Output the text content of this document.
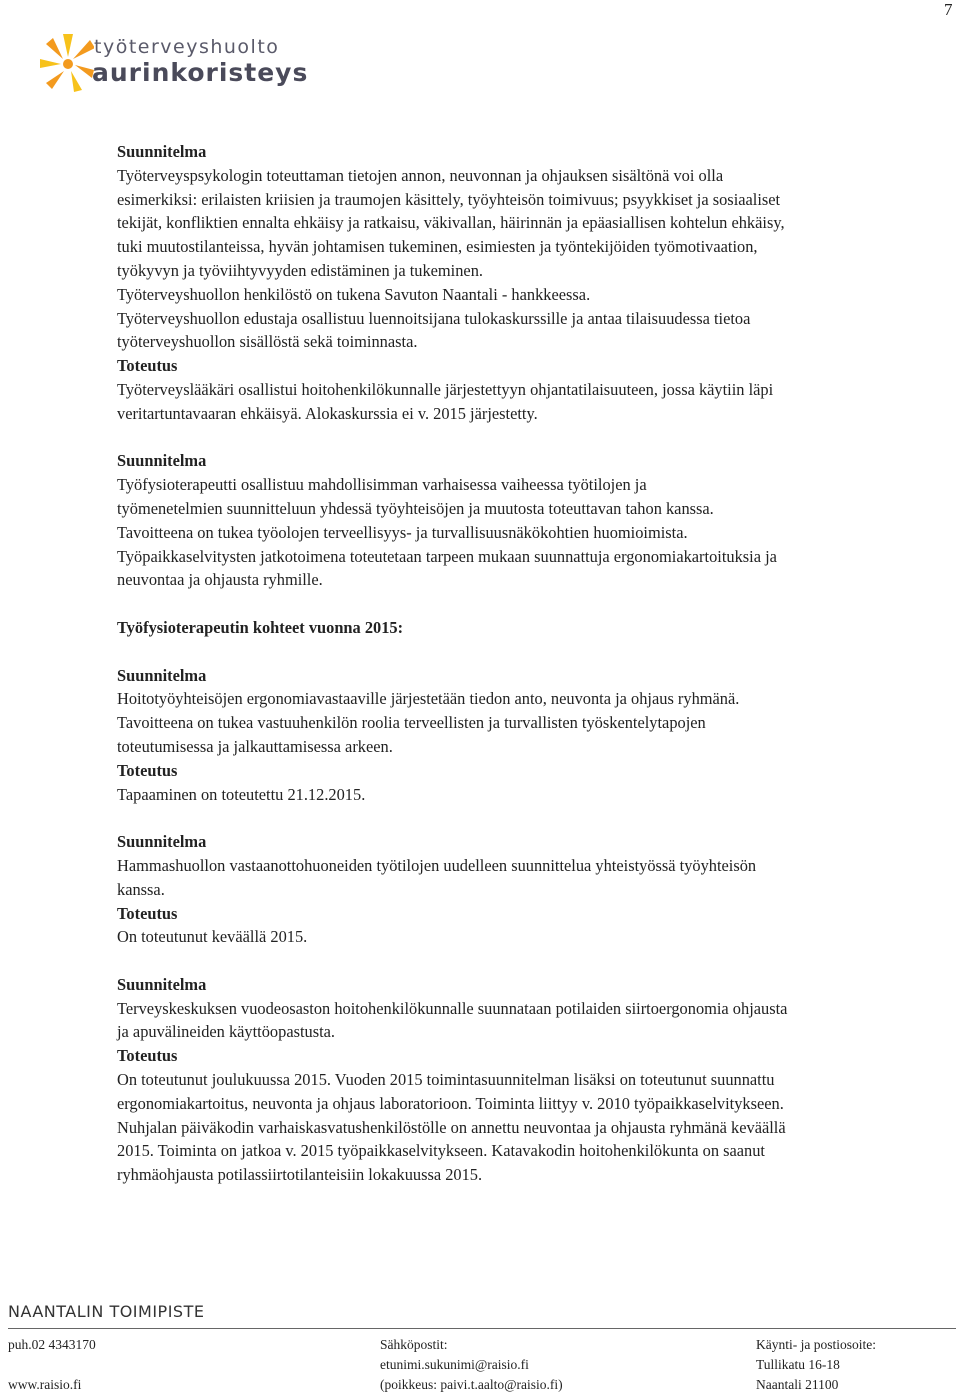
7
työterveyshuolto
aurinkoristeys

Suunnitelma

Työterveyspsykologin toteuttaman tietojen annon, neuvonnan ja ohjauksen sisältönä voi olla

esimerkiksi: erilaisten kriisien ja traumojen käsittely, työyhteisön toimivuus; psyykkiset ja sosiaaliset

tekijät, konfliktien ennalta ehkäisy ja ratkaisu, väkivallan, häirinnän ja epäasiallisen kohtelun ehkäisy,

tuki muutostilanteissa, hyvän johtamisen tukeminen, esimiesten ja työntekijöiden työmotivaation,

työkyvyn ja työviihtyvyyden edistäminen ja tukeminen.

Työterveyshuollon henkilöstö on tukena Savuton Naantali - hankkeessa.

Työterveyshuollon edustaja osallistuu luennoitsijana tulokaskurssille ja antaa tilaisuudessa tietoa

työterveyshuollon sisällöstä sekä toiminnasta.

Toteutus

Työterveyslääkäri osallistui hoitohenkilökunnalle järjestettyyn ohjantatilaisuuteen, jossa käytiin läpi

veritartuntavaaran ehkäisyä. Alokaskurssia ei v. 2015 järjestetty.

Suunnitelma

Työfysioterapeutti osallistuu mahdollisimman varhaisessa vaiheessa työtilojen ja

työmenetelmien suunnitteluun yhdessä työyhteisöjen ja muutosta toteuttavan tahon kanssa.

Tavoitteena on tukea työolojen terveellisyys- ja turvallisuusnäkökohtien huomioimista.

Työpaikkaselvitysten jatkotoimena toteutetaan tarpeen mukaan suunnattuja ergonomiakartoituksia ja

neuvontaa ja ohjausta ryhmille.

Työfysioterapeutin kohteet vuonna 2015:

Suunnitelma

Hoitotyöyhteisöjen ergonomiavastaaville järjestetään tiedon anto, neuvonta ja ohjaus ryhmänä.

Tavoitteena on tukea vastuuhenkilön roolia terveellisten ja turvallisten työskentelytapojen

toteutumisessa ja jalkauttamisessa arkeen.

Toteutus

Tapaaminen on toteutettu 21.12.2015.

Suunnitelma

Hammashuollon vastaanottohuoneiden työtilojen uudelleen suunnittelua yhteistyössä työyhteisön

kanssa.

Toteutus

On toteutunut keväällä 2015.

Suunnitelma

Terveyskeskuksen vuodeosaston hoitohenkilökunnalle suunnataan potilaiden siirtoergonomia ohjausta

ja apuvälineiden käyttöopastusta.

Toteutus

On toteutunut joulukuussa 2015. Vuoden 2015 toimintasuunnitelman lisäksi on toteutunut suunnattu

ergonomiakartoitus, neuvonta ja ohjaus laboratorioon. Toiminta liittyy v. 2010 työpaikkaselvitykseen.

Nuhjalan päiväkodin varhaiskasvatushenkilöstölle on annettu neuvontaa ja ohjausta ryhmänä keväällä

2015. Toiminta on jatkoa v. 2015 työpaikkaselvitykseen. Katavakodin hoitohenkilökunta on saanut

ryhmäohjausta potilassiirtotilanteisiin lokakuussa 2015.

NAANTALIN TOIMIPISTE
puh.02 4343170

www.raisio.fi
Sähköpostit:
etunimi.sukunimi@raisio.fi
(poikkeus: paivi.t.aalto@raisio.fi)
Käynti- ja postiosoite:
Tullikatu 16-18
Naantali 21100
